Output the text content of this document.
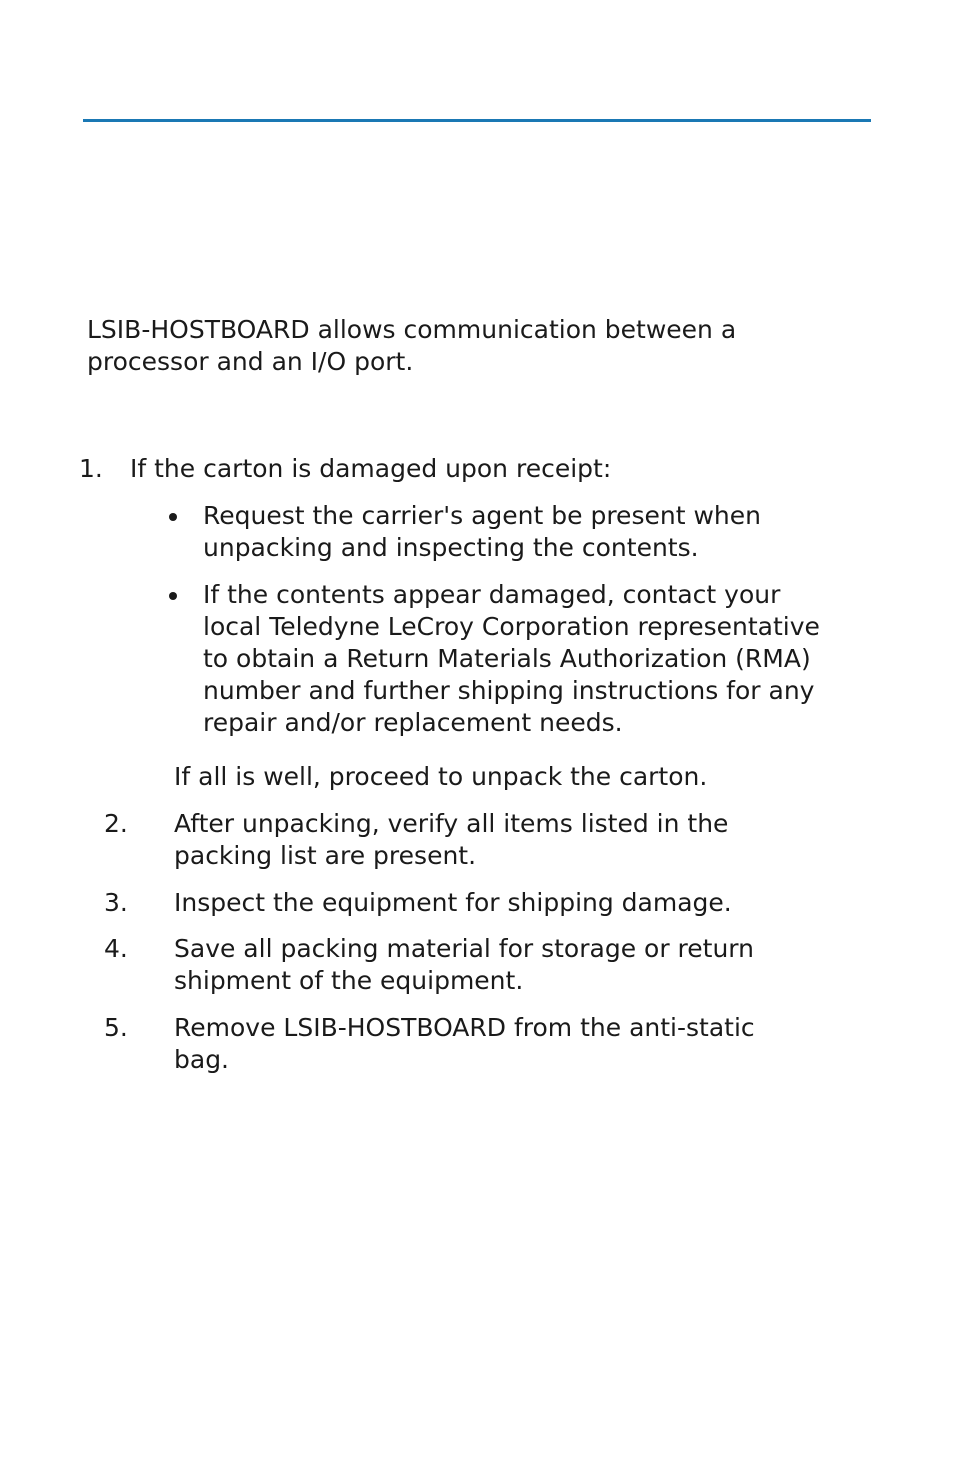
LSIB-HOSTBOARD allows communication between a
processor and an I/O port.
1. If the carton is damaged upon receipt:
Request the carrier's agent be present when
unpacking and inspecting the contents.
If the contents appear damaged, contact your
local Teledyne LeCroy Corporation representative
to obtain a Return Materials Authorization (RMA)
number and further shipping instructions for any
repair and/or replacement needs.
If all is well, proceed to unpack the carton.
2. After unpacking, verify all items listed in the
packing list are present.
3. Inspect the equipment for shipping damage.
4. Save all packing material for storage or return
shipment of the equipment.
5. Remove LSIB-HOSTBOARD from the anti-static
bag.
